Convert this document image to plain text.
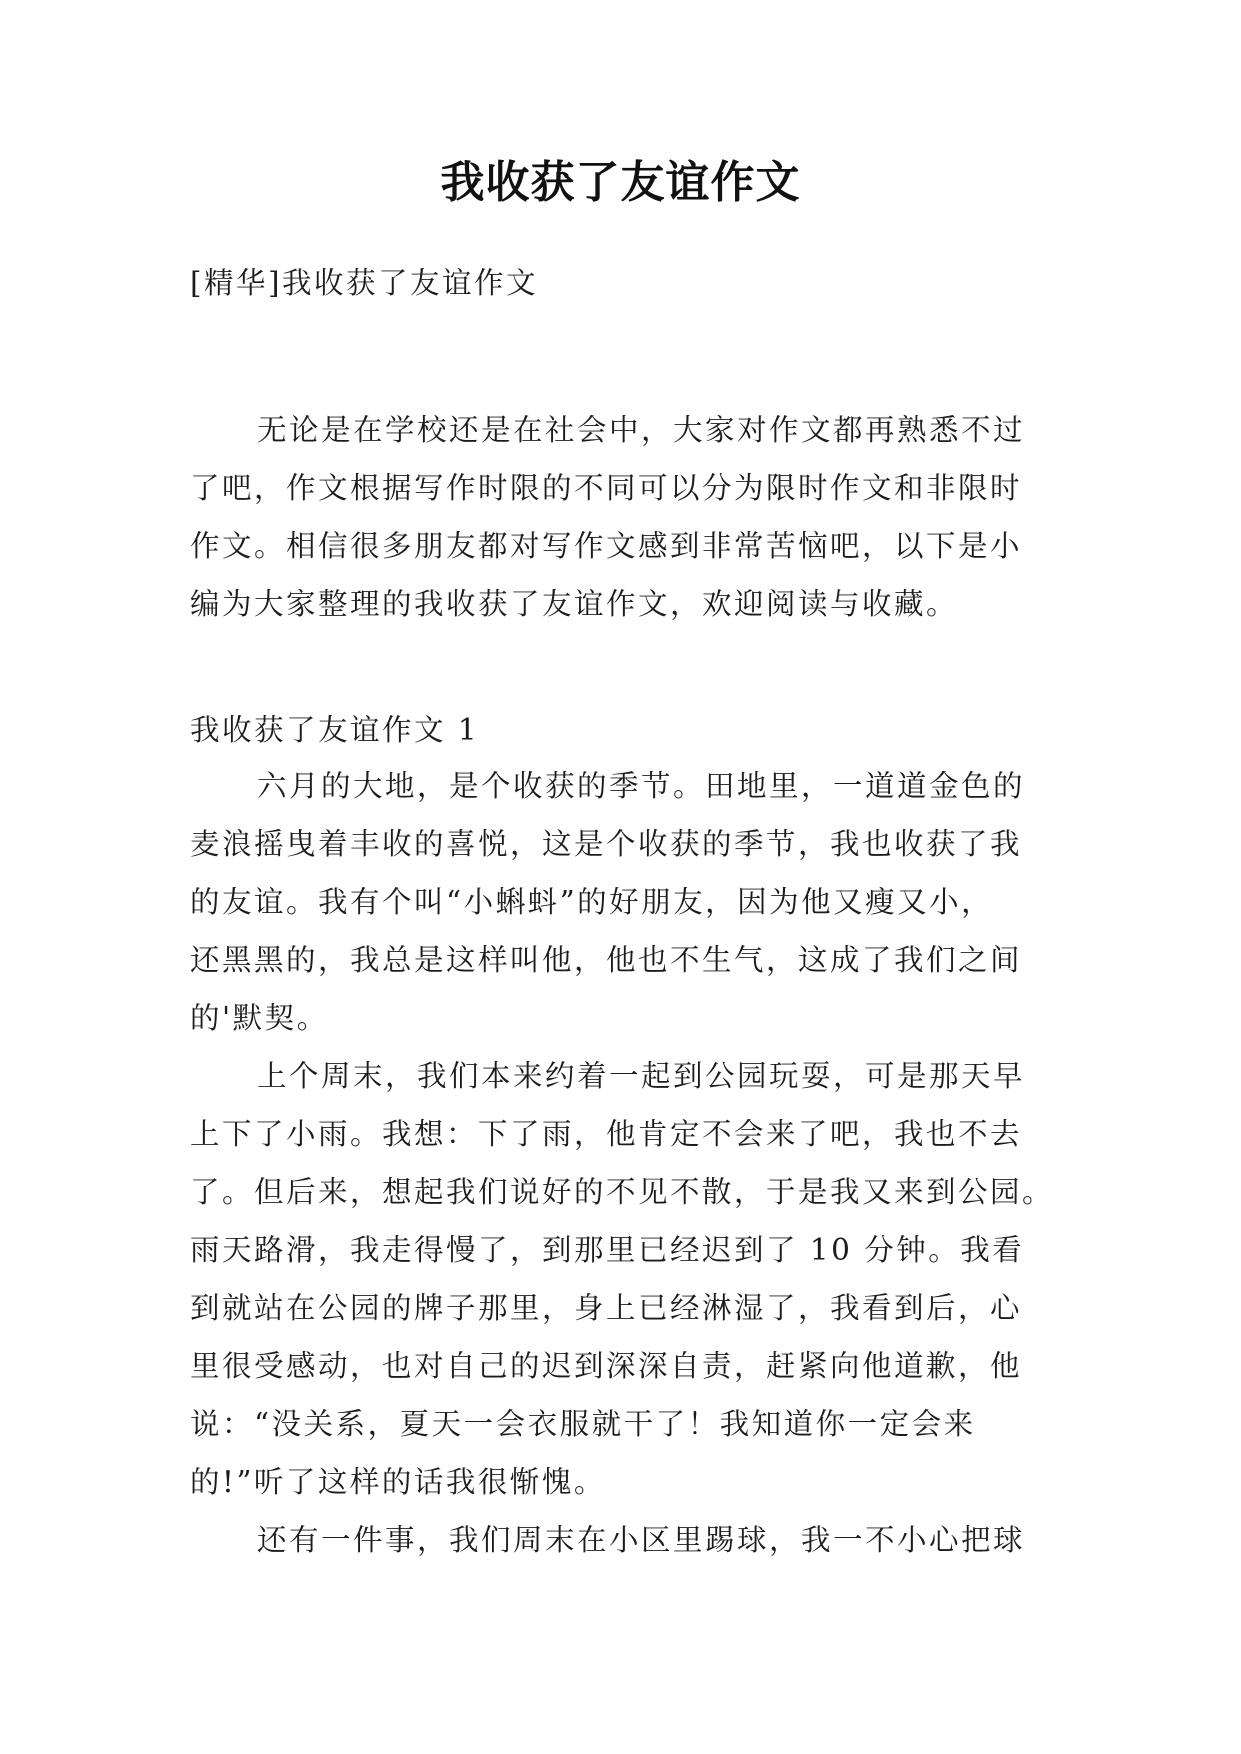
我收获了友谊作文

[精华]我收获了友谊作文

无论是在学校还是在社会中，大家对作文都再熟悉不过

了吧，作文根据写作时限的不同可以分为限时作文和非限时

作文。相信很多朋友都对写作文感到非常苦恼吧，以下是小

编为大家整理的我收获了友谊作文，欢迎阅读与收藏。

我收获了友谊作文 1

六月的大地，是个收获的季节。田地里，一道道金色的

麦浪摇曳着丰收的喜悦，这是个收获的季节，我也收获了我

的友谊。我有个叫“小蝌蚪”的好朋友，因为他又瘦又小，

还黑黑的，我总是这样叫他，他也不生气，这成了我们之间

的'默契。

上个周末，我们本来约着一起到公园玩耍，可是那天早

上下了小雨。我想：下了雨，他肯定不会来了吧，我也不去

了。但后来，想起我们说好的不见不散，于是我又来到公园。

雨天路滑，我走得慢了，到那里已经迟到了 10 分钟。我看

到就站在公园的牌子那里，身上已经淋湿了，我看到后，心

里很受感动，也对自己的迟到深深自责，赶紧向他道歉，他

说：“没关系，夏天一会衣服就干了！我知道你一定会来

的!”听了这样的话我很惭愧。

还有一件事，我们周末在小区里踢球，我一不小心把球
